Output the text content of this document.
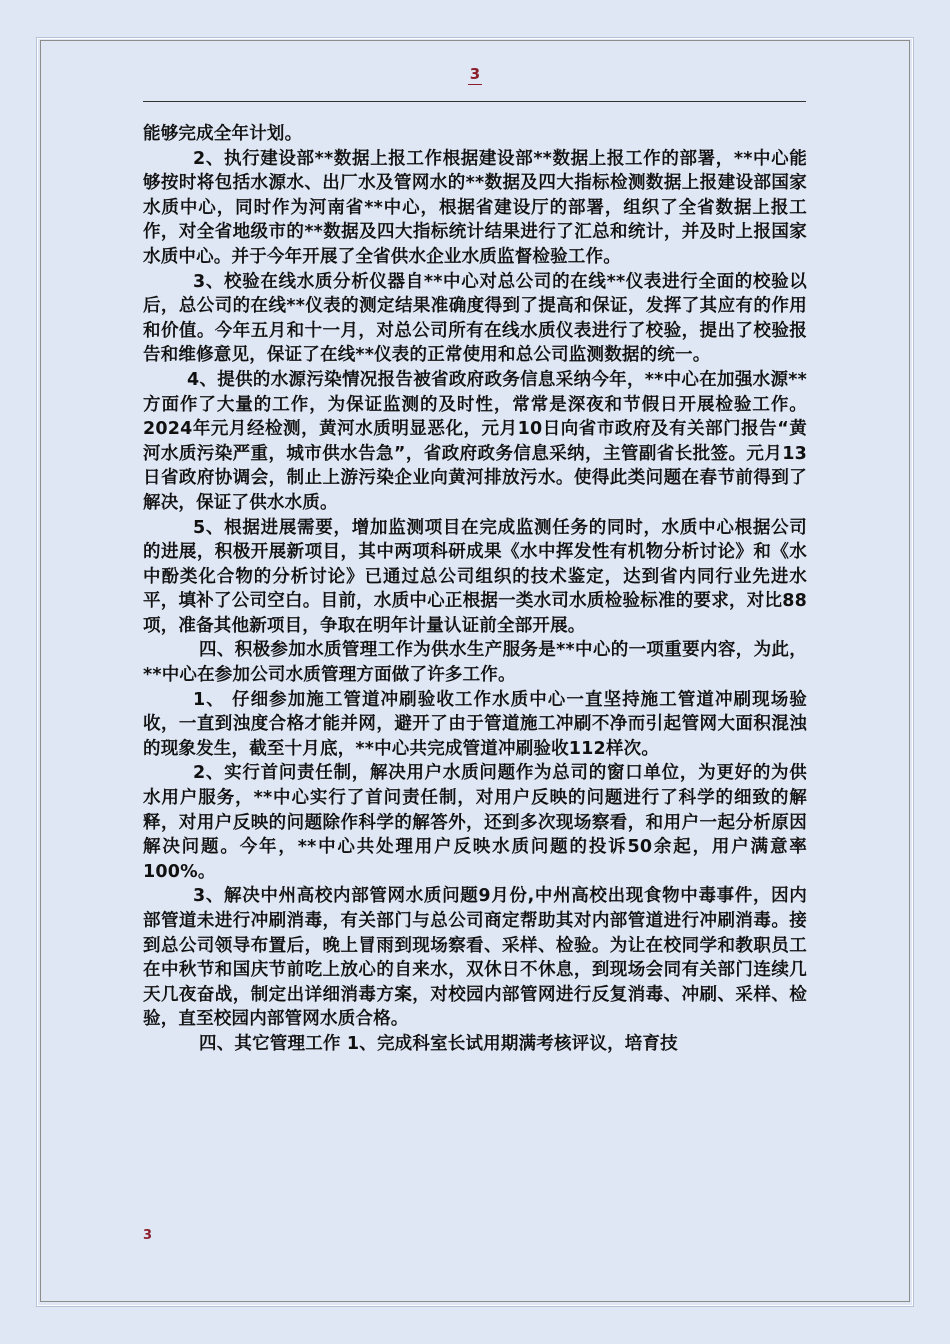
3

能够完成全年计划。

2、执行建设部**数据上报工作根据建设部**数据上报工作的部署，**中心能够按时将包括水源水、出厂水及管网水的**数据及四大指标检测数据上报建设部国家水质中心，同时作为河南省**中心，根据省建设厅的部署，组织了全省数据上报工作，对全省地级市的**数据及四大指标统计结果进行了汇总和统计，并及时上报国家水质中心。并于今年开展了全省供水企业水质监督检验工作。

3、校验在线水质分析仪器自**中心对总公司的在线**仪表进行全面的校验以后，总公司的在线**仪表的测定结果准确度得到了提高和保证，发挥了其应有的作用和价值。今年五月和十一月，对总公司所有在线水质仪表进行了校验，提出了校验报告和维修意见，保证了在线**仪表的正常使用和总公司监测数据的统一。

4、提供的水源污染情况报告被省政府政务信息采纳今年，**中心在加强水源**方面作了大量的工作，为保证监测的及时性，常常是深夜和节假日开展检验工作。2024年元月经检测，黄河水质明显恶化，元月10日向省市政府及有关部门报告“黄河水质污染严重，城市供水告急”，省政府政务信息采纳，主管副省长批签。元月13日省政府协调会，制止上游污染企业向黄河排放污水。使得此类问题在春节前得到了解决，保证了供水水质。

5、根据进展需要，增加监测项目在完成监测任务的同时，水质中心根据公司的进展，积极开展新项目，其中两项科研成果《水中挥发性有机物分析讨论》和《水中酚类化合物的分析讨论》已通过总公司组织的技术鉴定，达到省内同行业先进水平，填补了公司空白。目前，水质中心正根据一类水司水质检验标准的要求，对比88项，准备其他新项目，争取在明年计量认证前全部开展。

四、积极参加水质管理工作为供水生产服务是**中心的一项重要内容，为此，**中心在参加公司水质管理方面做了许多工作。

1、 仔细参加施工管道冲刷验收工作水质中心一直坚持施工管道冲刷现场验收，一直到浊度合格才能并网，避开了由于管道施工冲刷不净而引起管网大面积混浊的现象发生，截至十月底，**中心共完成管道冲刷验收112样次。

2、实行首问责任制，解决用户水质问题作为总司的窗口单位，为更好的为供水用户服务，**中心实行了首问责任制，对用户反映的问题进行了科学的细致的解释，对用户反映的问题除作科学的解答外，还到多次现场察看，和用户一起分析原因解决问题。今年，**中心共处理用户反映水质问题的投诉50余起，用户满意率100%。

3、解决中州高校内部管网水质问题9月份,中州高校出现食物中毒事件，因内部管道未进行冲刷消毒，有关部门与总公司商定帮助其对内部管道进行冲刷消毒。接到总公司领导布置后，晚上冒雨到现场察看、采样、检验。为让在校同学和教职员工在中秋节和国庆节前吃上放心的自来水，双休日不休息，到现场会同有关部门连续几天几夜奋战，制定出详细消毒方案，对校园内部管网进行反复消毒、冲刷、采样、检验，直至校园内部管网水质合格。

四、其它管理工作 1、完成科室长试用期满考核评议，培育技

3
